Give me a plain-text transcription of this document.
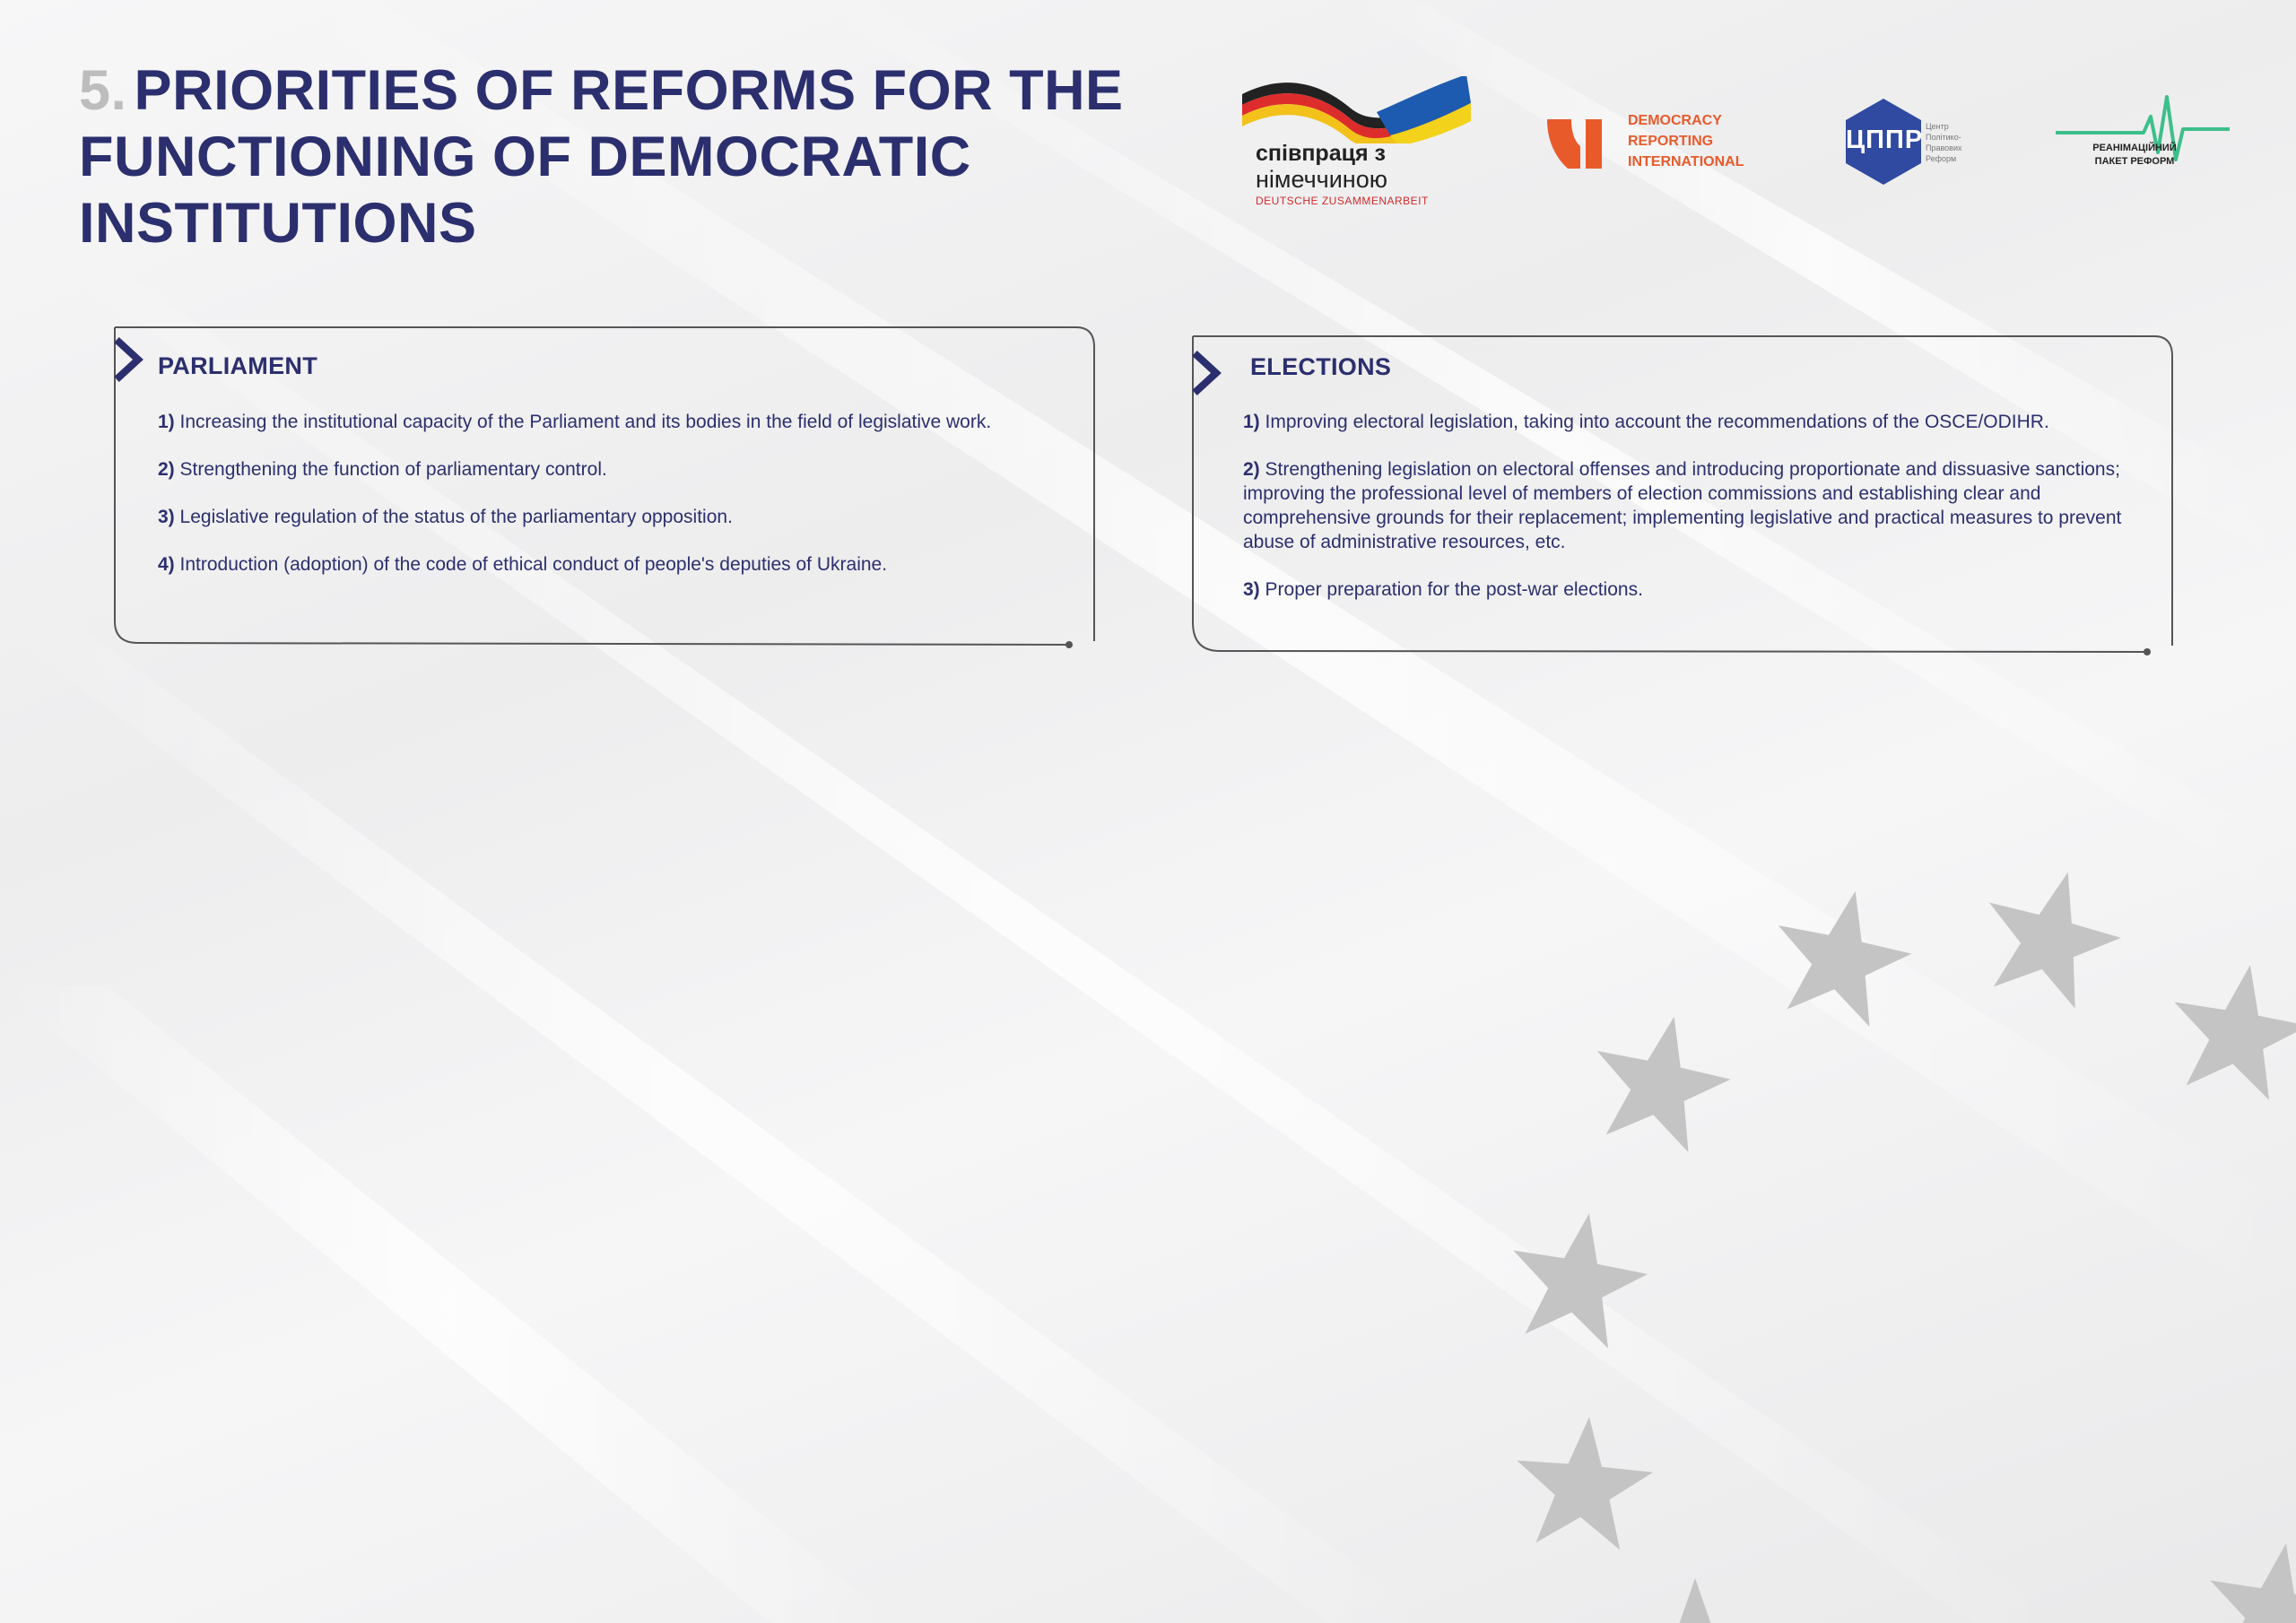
5. PRIORITIES OF REFORMS FOR THE FUNCTIONING OF DEMOCRATIC INSTITUTIONS
співпраця з
німеччиною
DEUTSCHE ZUSAMMENARBEIT
DEMOCRACY
REPORTING
INTERNATIONAL
ЦППР Центр
Політико-
Правових
Реформ
РЕАНІМАЦІЙНИЙ
ПАКЕТ РЕФОРМ
PARLIAMENT
1) Increasing the institutional capacity of the Parliament and its bodies in the field of legislative work.
2) Strengthening the function of parliamentary control.
3) Legislative regulation of the status of the parliamentary opposition.
4) Introduction (adoption) of the code of ethical conduct of people's deputies of Ukraine.
ELECTIONS
1) Improving electoral legislation, taking into account the recommendations of the OSCE/ODIHR.
2) Strengthening legislation on electoral offenses and introducing proportionate and dissuasive sanctions; improving the professional level of members of election commissions and establishing clear and comprehensive grounds for their replacement; implementing legislative and practical measures to prevent abuse of administrative resources, etc.
3) Proper preparation for the post-war elections.
